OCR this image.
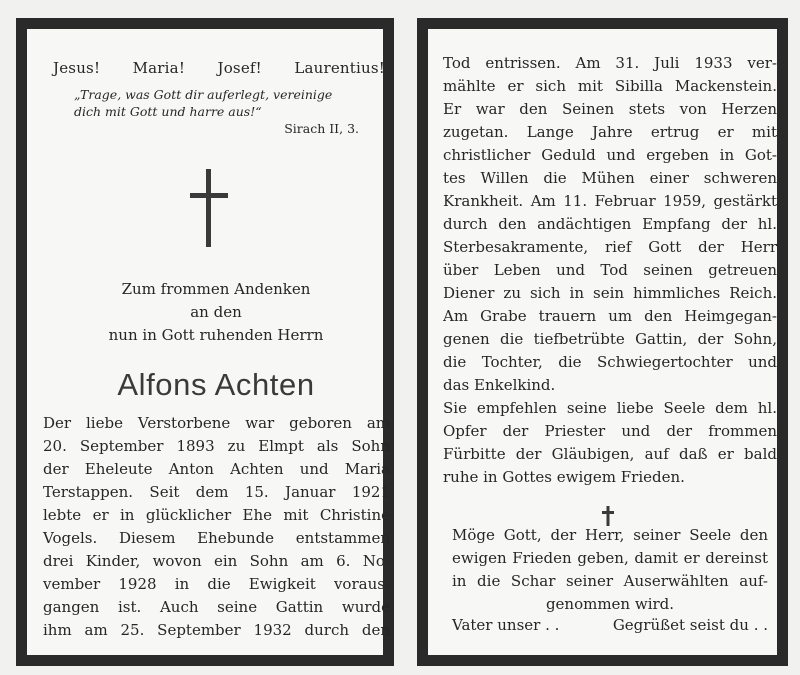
Jesus! Maria! Josef! Laurentius!
„Trage, was Gott dir auferlegt, vereinige
dich mit Gott und harre aus!“
Sirach II, 3.
Zum frommen Andenken
an den
nun in Gott ruhenden Herrn
Alfons Achten
Der liebe Verstorbene war geboren am
20. September 1893 zu Elmpt als Sohn
der Eheleute Anton Achten und Maria
Terstappen. Seit dem 15. Januar 1921
lebte er in glücklicher Ehe mit Christine
Vogels. Diesem Ehebunde entstammen
drei Kinder, wovon ein Sohn am 6. No-
vember 1928 in die Ewigkeit voraus-
gangen ist. Auch seine Gattin wurde
ihm am 25. September 1932 durch den
Tod entrissen. Am 31. Juli 1933 ver-
mählte er sich mit Sibilla Mackenstein.
Er war den Seinen stets von Herzen
zugetan. Lange Jahre ertrug er mit
christlicher Geduld und ergeben in Got-
tes Willen die Mühen einer schweren
Krankheit. Am 11. Februar 1959, gestärkt
durch den andächtigen Empfang der hl.
Sterbesakramente, rief Gott der Herr
über Leben und Tod seinen getreuen
Diener zu sich in sein himmliches Reich.
Am Grabe trauern um den Heimgegan-
genen die tiefbetrübte Gattin, der Sohn,
die Tochter, die Schwiegertochter und
das Enkelkind.
Sie empfehlen seine liebe Seele dem hl.
Opfer der Priester und der frommen
Fürbitte der Gläubigen, auf daß er bald
ruhe in Gottes ewigem Frieden.
Möge Gott, der Herr, seiner Seele den
ewigen Frieden geben, damit er dereinst
in die Schar seiner Auserwählten auf-
genommen wird.
Vater unser . .	Gegrüßet seist du . .
